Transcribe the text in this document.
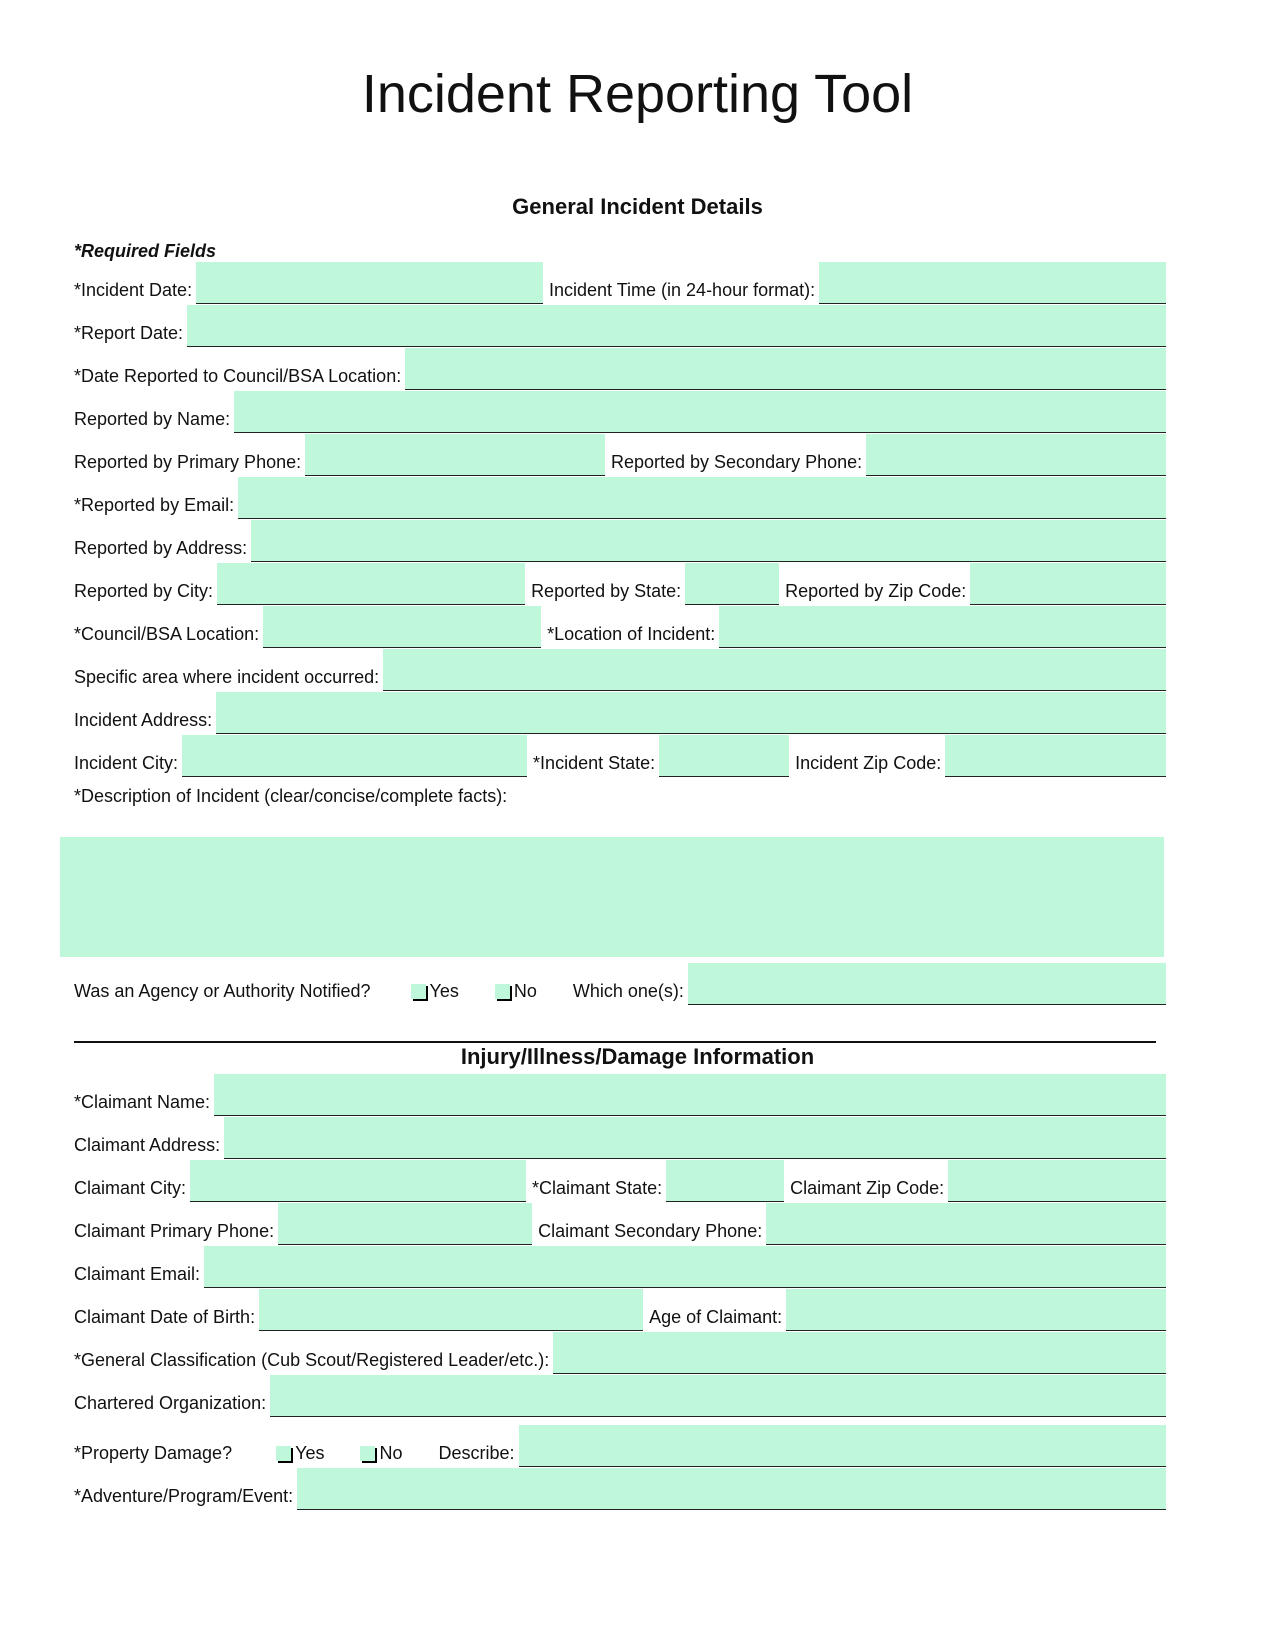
Incident Reporting Tool
General Incident Details
*Required Fields
*Incident Date:	Incident Time (in 24-hour format):
*Report Date:
*Date Reported to Council/BSA Location:
Reported by Name:
Reported by Primary Phone:	Reported by Secondary Phone:
*Reported by Email:
Reported by Address:
Reported by City:	Reported by State:	Reported by Zip Code:
*Council/BSA Location:	*Location of Incident:
Specific area where incident occurred:
Incident Address:
Incident City:	*Incident State:	Incident Zip Code:
*Description of Incident (clear/concise/complete facts):
Was an Agency or Authority Notified?	Yes	No Which one(s):
Injury/Illness/Damage Information
*Claimant Name:
Claimant Address:
Claimant City:	*Claimant State:	Claimant Zip Code:
Claimant Primary Phone:	Claimant Secondary Phone:
Claimant Email:
Claimant Date of Birth:	Age of Claimant:
*General Classification (Cub Scout/Registered Leader/etc.):
Chartered Organization:
*Property Damage?	Yes	No Describe:
*Adventure/Program/Event:
